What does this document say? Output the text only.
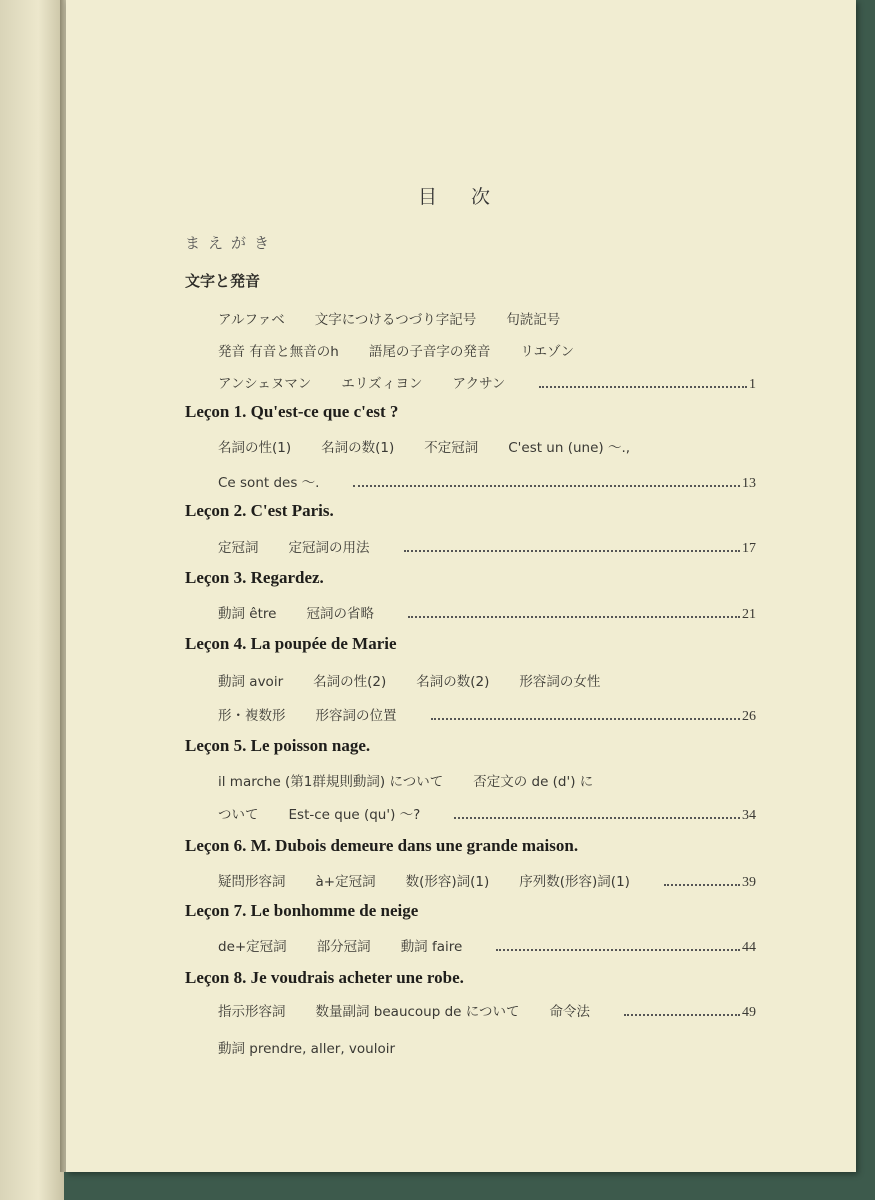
目 次
まえがき
文字と発音
アルファベ 文字につけるつづり字記号 句読記号
発音 有音と無音のh 語尾の子音字の発音 リエゾン
アンシェヌマン エリズィヨン アクサン	1
Leçon 1. Qu'est-ce que c'est ?
名詞の性(1) 名詞の数(1) 不定冠詞 C'est un (une) ～.,
Ce sont des ～.	13
Leçon 2. C'est Paris.
定冠詞 定冠詞の用法	17
Leçon 3. Regardez.
動詞 être 冠詞の省略	21
Leçon 4. La poupée de Marie
動詞 avoir 名詞の性(2) 名詞の数(2) 形容詞の女性
形・複数形 形容詞の位置	26
Leçon 5. Le poisson nage.
il marche (第1群規則動詞) について 否定文の de (d') に
ついて Est-ce que (qu') ～?	34
Leçon 6. M. Dubois demeure dans une grande maison.
疑問形容詞 à+定冠詞 数(形容)詞(1) 序列数(形容)詞(1)	39
Leçon 7. Le bonhomme de neige
de+定冠詞 部分冠詞 動詞 faire	44
Leçon 8. Je voudrais acheter une robe.
指示形容詞 数量副詞 beaucoup de について 命令法	49
動詞 prendre, aller, vouloir
